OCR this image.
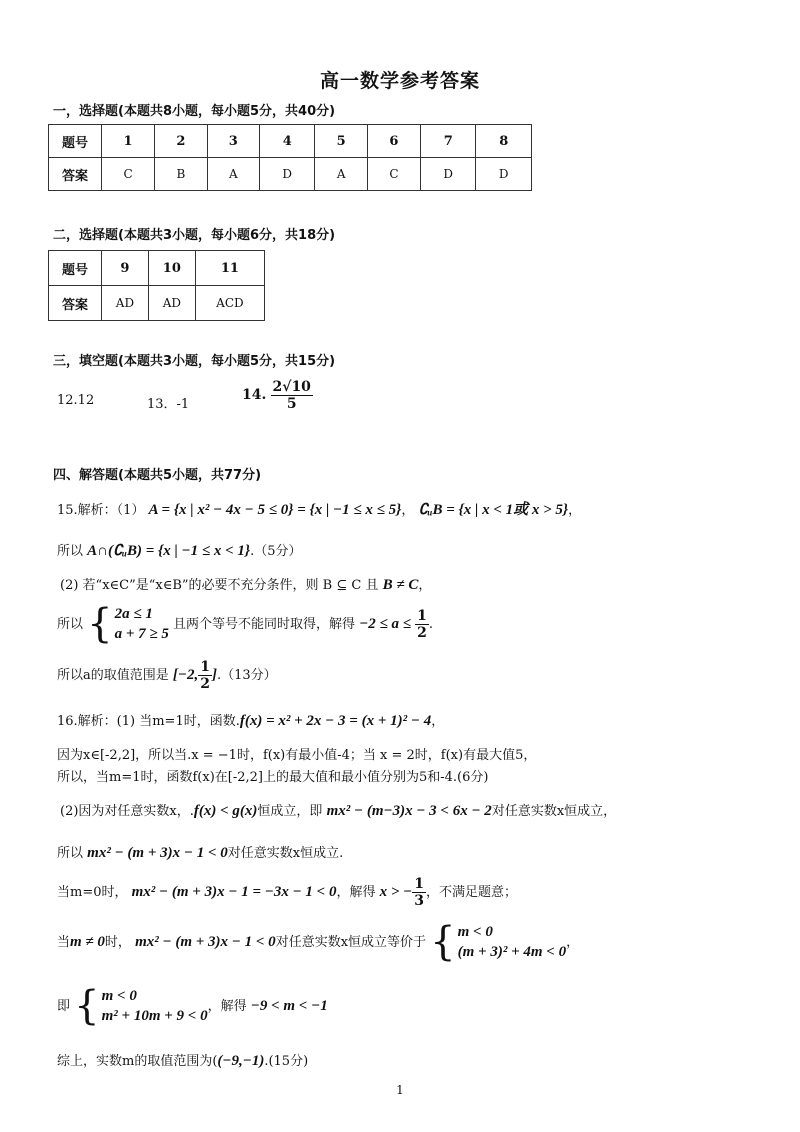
高一数学参考答案
一，选择题(本题共8小题，每小题5分，共40分)
题号	1	2	3	4	5	6	7	8
答案	C	B	A	D	A	C	D	D
二，选择题(本题共3小题，每小题6分，共18分)
题号	9	10	11
答案	AD	AD	ACD
三，填空题(本题共3小题，每小题5分，共15分)
12.12	13．-1
14. $\frac{2√10}{5}$
四、解答题(本题共5小题，共77分)
15.解析：（1） A = {x | x² − 4x − 5 ≤ 0} = {x | −1 ≤ x ≤ 5}， ∁ᵤB = {x | x < 1或 x > 5}，
所以 A∩(∁ᵤB) = {x | −1 ≤ x < 1}.（5分）
(2) 若“x∈C”是“x∈B”的必要不充分条件，则 B ⊆ C 且 B ≠ C，
所以 { 2a ≤ 1
a + 7 ≥ 5
且两个等号不能同时取得，解得 $-2 \le a \le \frac{1}{2}$ .
所以a的取值范围是 [−2, $\frac{1}{2} ].(13$分）
16.解析：(1) 当m=1时，函数.f(x) = x² + 2x − 3 = (x + 1)² − 4，
因为x∈[-2,2]，所以当.x = −1时，f(x)有最小值-4；当 x = 2时，f(x)有最大值5，
所以，当m=1时，函数f(x)在[-2,2]上的最大值和最小值分别为5和-4.(6分)
(2)因为对任意实数x，.f(x) < g(x)恒成立，即 mx² − (m−3)x − 3 < 6x − 2对任意实数x恒成立，
所以 mx² − (m + 3)x − 1 < 0对任意实数x恒成立.
当m=0时， mx² − (m + 3)x − 1 = −3x − 1 < 0，解得 x > − $\frac{1}{3}$ ，不满足题意；
当m ≠ 0时， mx² − (m + 3)x − 1 < 0对任意实数x恒成立等价于 { m < 0
(m + 3)² + 4m < 0
，
即 { m < 0
m² + 10m + 9 < 0
，解得 −9 < m < −1
综上，实数m的取值范围为((−9,−1).(15分)
1
